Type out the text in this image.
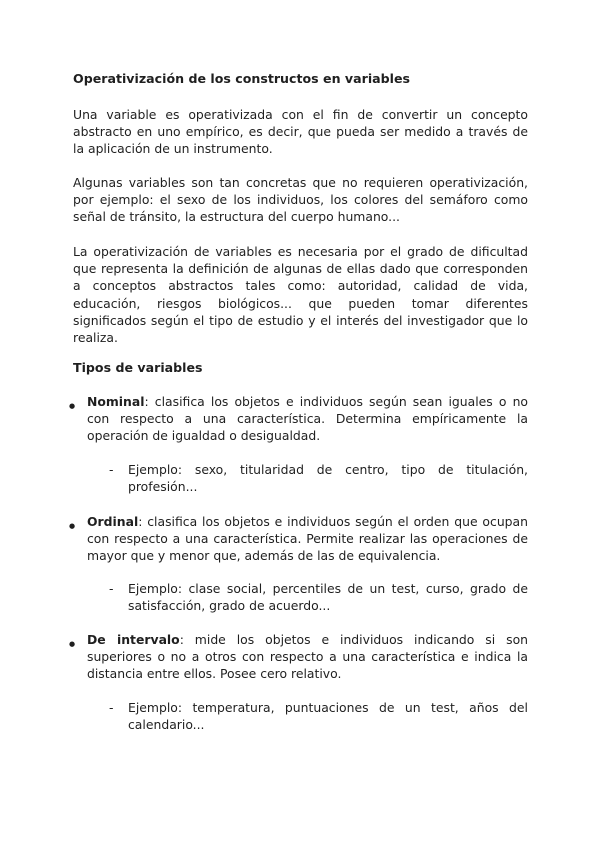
Operativización de los constructos en variables

Una variable es operativizada con el fin de convertir un concepto abstracto en uno empírico, es decir, que pueda ser medido a través de la aplicación de un instrumento.

Algunas variables son tan concretas que no requieren operativización, por ejemplo: el sexo de los individuos, los colores del semáforo como señal de tránsito, la estructura del cuerpo humano...

La operativización de variables es necesaria por el grado de dificultad que representa la definición de algunas de ellas dado que corresponden a conceptos abstractos tales como: autoridad, calidad de vida, educación, riesgos biológicos... que pueden tomar diferentes significados según el tipo de estudio y el interés del investigador que lo realiza.

Tipos de variables
● Nominal: clasifica los objetos e individuos según sean iguales o no con respecto a una característica. Determina empíricamente la operación de igualdad o desigualdad.
- Ejemplo: sexo, titularidad de centro, tipo de titulación, profesión...
● Ordinal: clasifica los objetos e individuos según el orden que ocupan con respecto a una característica. Permite realizar las operaciones de mayor que y menor que, además de las de equivalencia.
- Ejemplo: clase social, percentiles de un test, curso, grado de satisfacción, grado de acuerdo...
● De intervalo: mide los objetos e individuos indicando si son superiores o no a otros con respecto a una característica e indica la distancia entre ellos. Posee cero relativo.
- Ejemplo: temperatura, puntuaciones de un test, años del calendario...
